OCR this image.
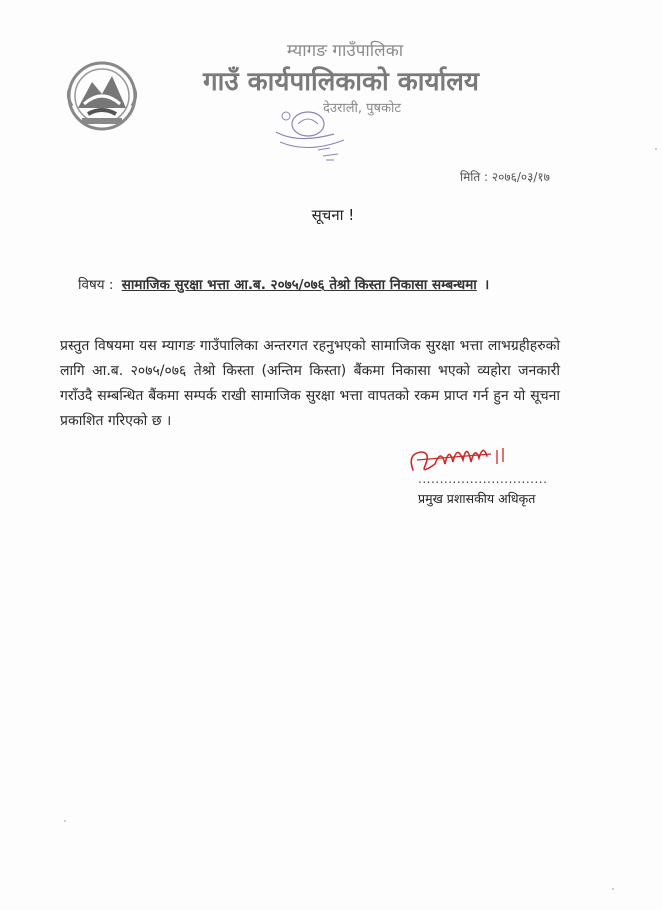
म्यागङ गाउँपालिका
गाउँ कार्यपालिकाको कार्यालय
देउराली, पुषकोट
मिति : २०७६/०३/१७
सूचना !
विषय : सामाजिक सुरक्षा भत्ता आ.ब. २०७५/०७६ तेश्रो किस्ता निकासा सम्बन्धमा ।
प्रस्तुत विषयमा यस म्यागङ गाउँपालिका अन्तरगत रहनुभएको सामाजिक सुरक्षा भत्ता लाभग्रहीहरुको लागि आ.ब. २०७५/०७६ तेश्रो किस्ता (अन्तिम किस्ता) बैंकमा निकासा भएको व्यहोरा जनकारी गराँउदै सम्बन्धित बैंकमा सम्पर्क राखी सामाजिक सुरक्षा भत्ता वापतको रकम प्राप्त गर्न हुन यो सूचना प्रकाशित गरिएको छ ।
..............................
प्रमुख प्रशासकीय अधिकृत
